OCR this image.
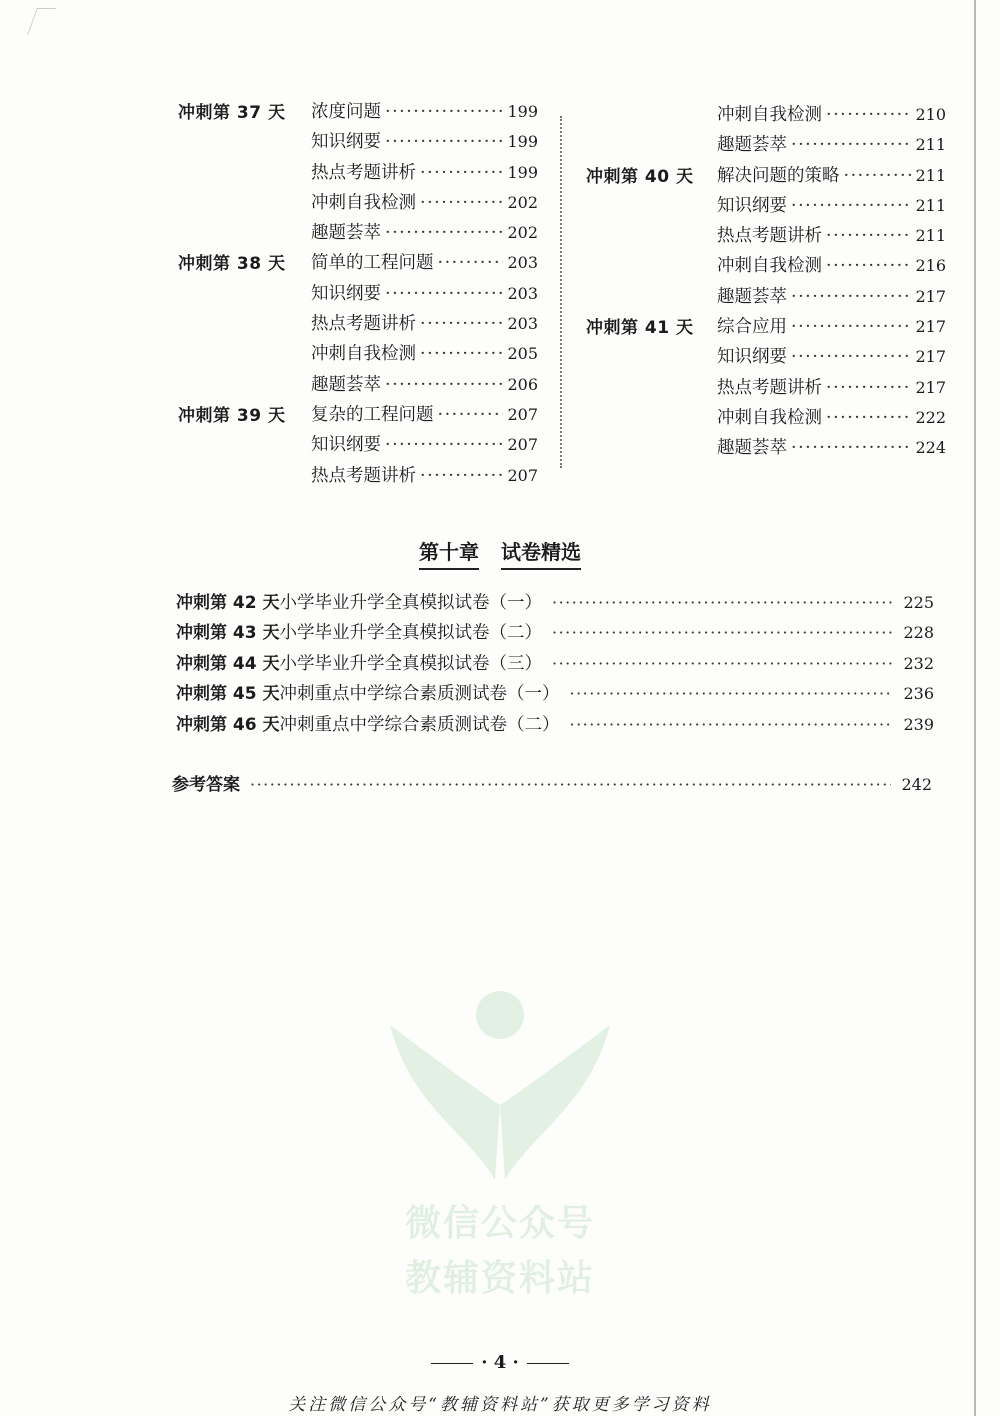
冲刺第 37 天 浓度问题 ·····	199
知识纲要 ·····	199
热点考题讲析 ·····	199
冲刺自我检测 ·····	202
趣题荟萃 ·····	202
冲刺第 38 天 简单的工程问题 ·····	203
知识纲要 ·····	203
热点考题讲析 ·····	203
冲刺自我检测 ·····	205
趣题荟萃 ·····	206
冲刺第 39 天 复杂的工程问题 ·····	207
知识纲要 ·····	207
热点考题讲析 ·····	207
冲刺自我检测 ·····	210
趣题荟萃 ·····	211
冲刺第 40 天 解决问题的策略 ·····	211
知识纲要 ·····	211
热点考题讲析 ·····	211
冲刺自我检测 ·····	216
趣题荟萃 ·····	217
冲刺第 41 天 综合应用 ·····	217
知识纲要 ·····	217
热点考题讲析 ·····	217
冲刺自我检测 ·····	222
趣题荟萃 ·····	224
第十章 试卷精选
冲刺第 42 天 小学毕业升学全真模拟试卷（一） ·····	225
冲刺第 43 天 小学毕业升学全真模拟试卷（二） ·····	228
冲刺第 44 天 小学毕业升学全真模拟试卷（三） ·····	232
冲刺第 45 天 冲刺重点中学综合素质测试卷（一） ·····	236
冲刺第 46 天 冲刺重点中学综合素质测试卷（二） ·····	239
参考答案 ·····	242
微信公众号
教辅资料站
· 4 ·
关注微信公众号“教辅资料站”获取更多学习资料
